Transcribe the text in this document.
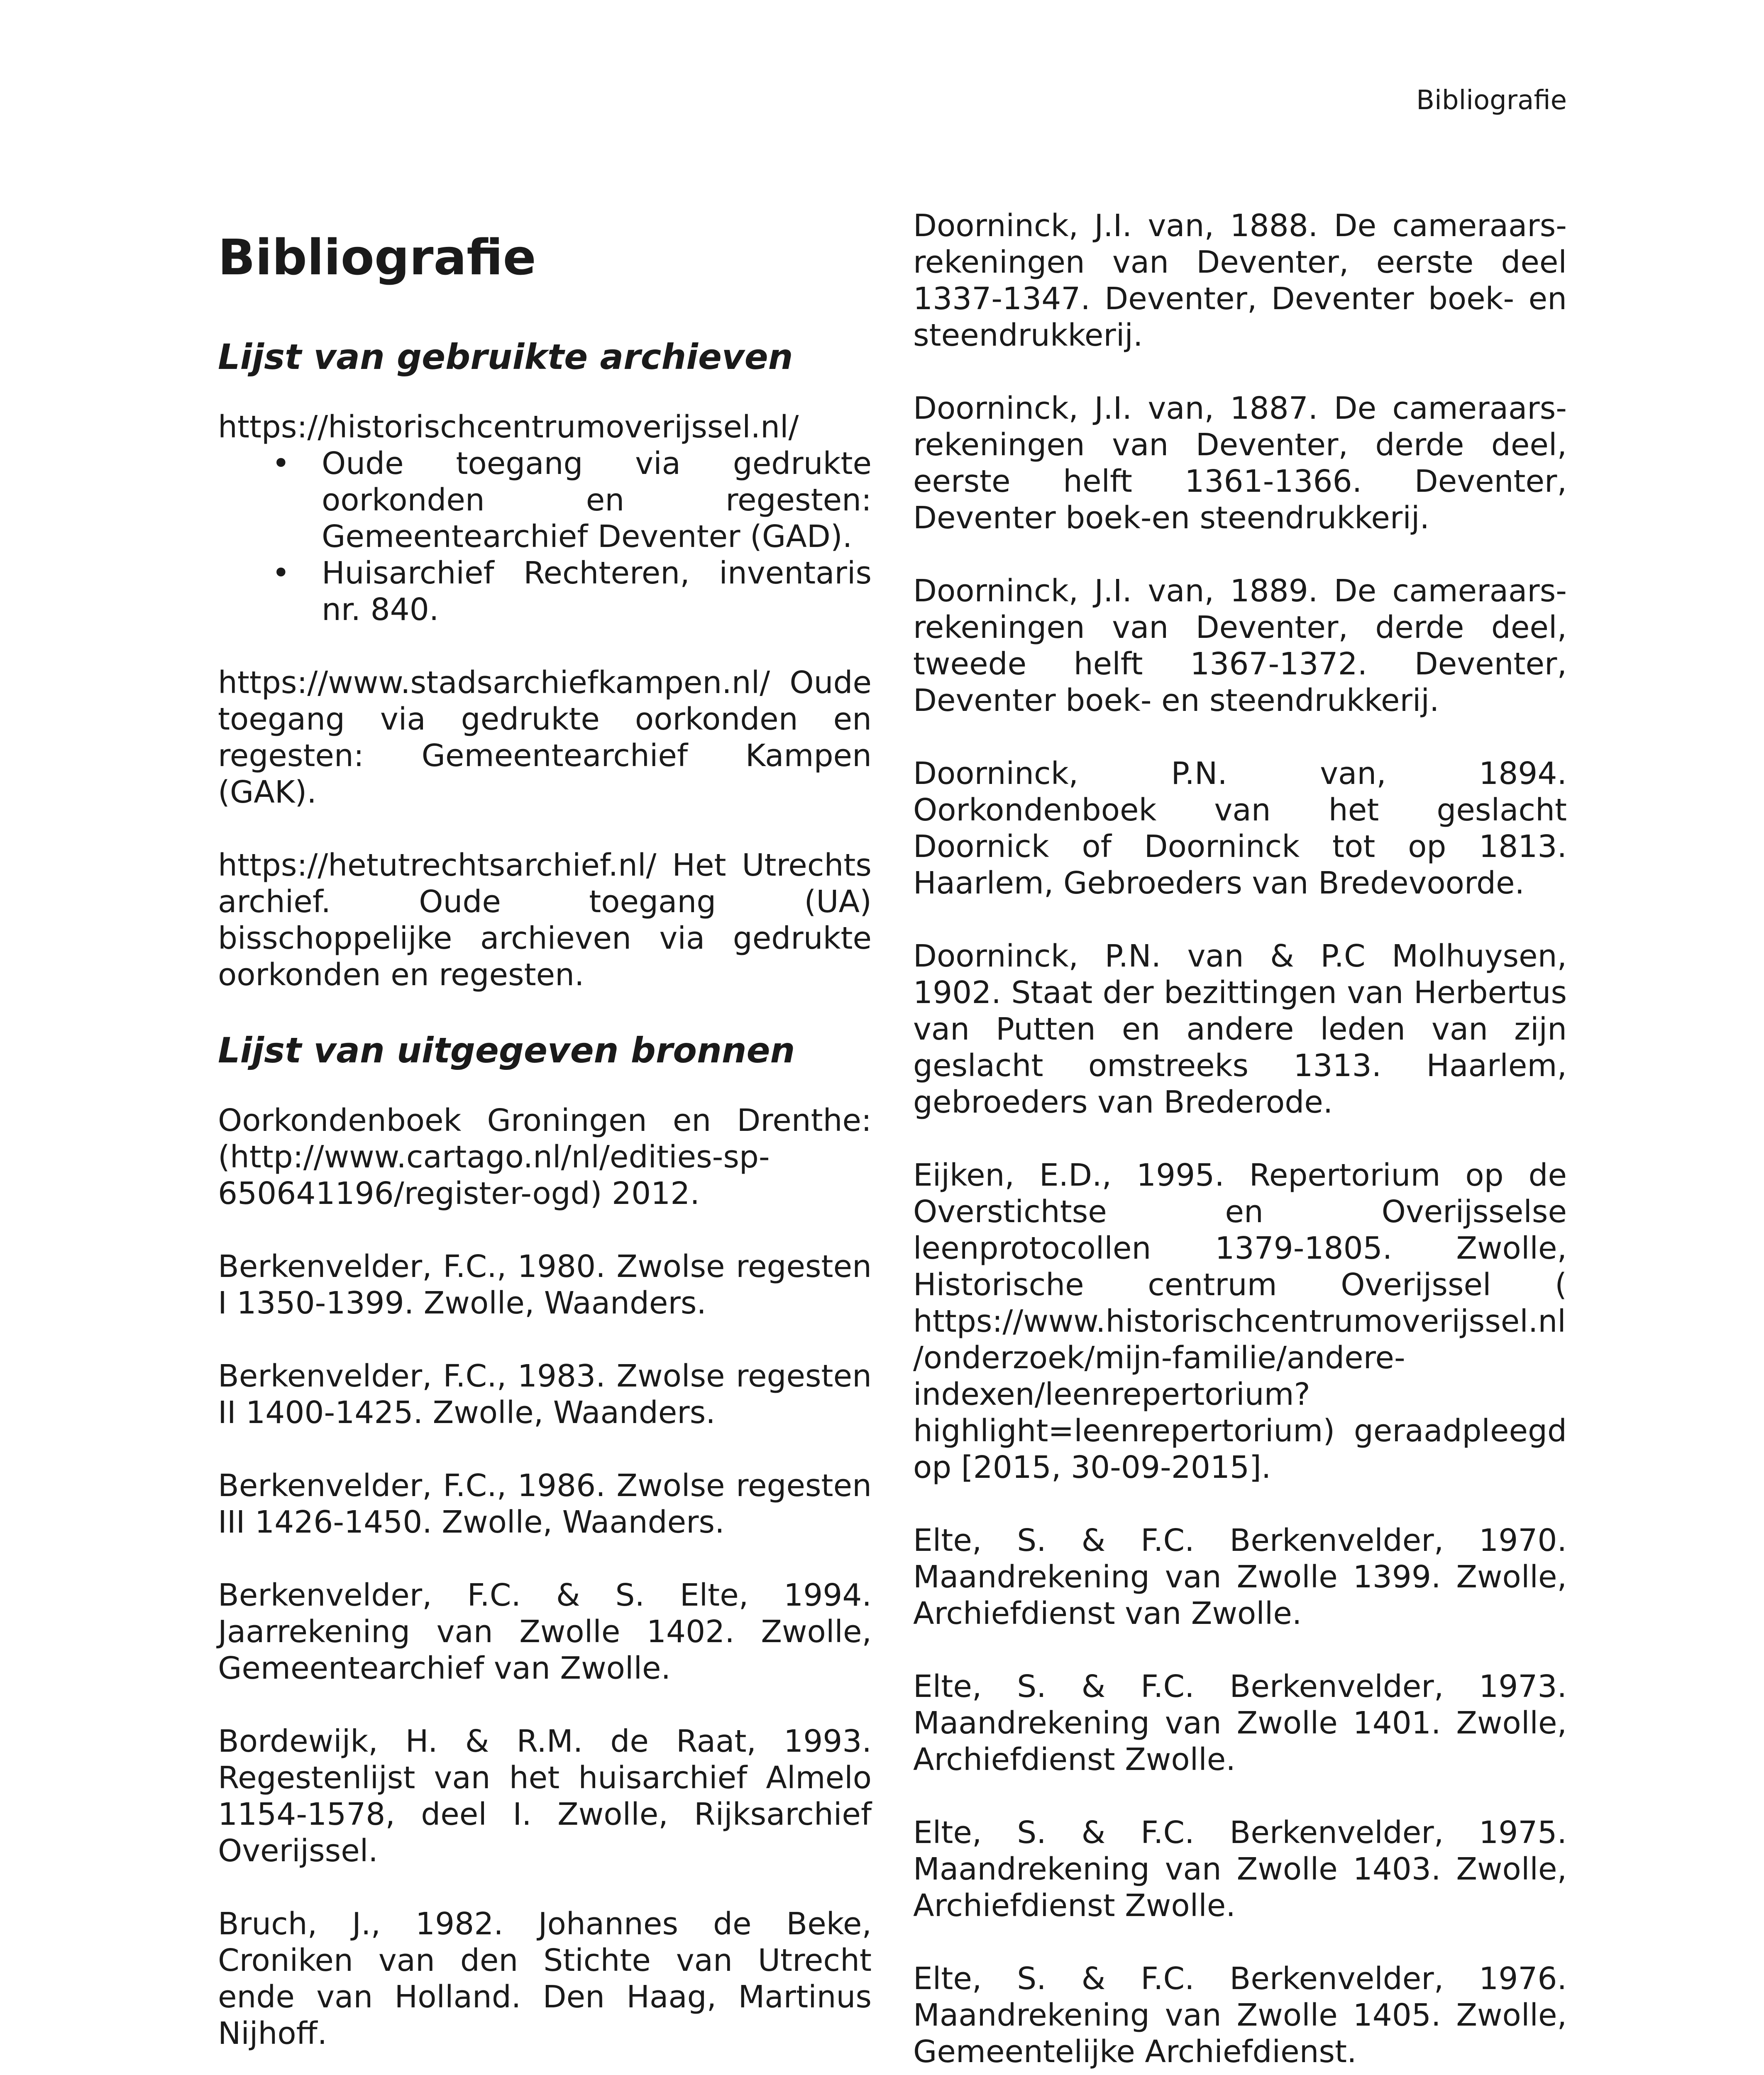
Bibliografie
Bibliografie
Lijst van gebruikte archieven

https://historischcentrumoverijssel.nl/

• Oude toegang via gedrukte oorkonden en regesten: Gemeentearchief Deventer (GAD).
• Huisarchief Rechteren, inventaris nr. 840.

https://www.stadsarchiefkampen.nl/ Oude toegang via gedrukte oorkonden en regesten: Gemeentearchief Kampen (GAK).

https://hetutrechtsarchief.nl/ Het Utrechts archief. Oude toegang (UA) bisschoppelijke archieven via gedrukte oorkonden en regesten.

Lijst van uitgegeven bronnen

Oorkondenboek Groningen en Drenthe: (http://www.cartago.nl/nl/edities-sp-650641196/register-ogd) 2012.

Berkenvelder, F.C., 1980. Zwolse regesten I 1350-1399. Zwolle, Waanders.

Berkenvelder, F.C., 1983. Zwolse regesten II 1400-1425. Zwolle, Waanders.

Berkenvelder, F.C., 1986. Zwolse regesten III 1426-1450. Zwolle, Waanders.

Berkenvelder, F.C. & S. Elte, 1994. Jaarrekening van Zwolle 1402. Zwolle, Gemeentearchief van Zwolle.

Bordewijk, H. & R.M. de Raat, 1993. Regestenlijst van het huisarchief Almelo 1154-1578, deel I. Zwolle, Rijksarchief Overijssel.

Bruch, J., 1982. Johannes de Beke, Croniken van den Stichte van Utrecht ende van Holland. Den Haag, Martinus Nijhoff.

Doorninck, J.I. van, 1888. De cameraars-rekeningen van Deventer, eerste deel 1337-1347. Deventer, Deventer boek- en steendrukkerij.

Doorninck, J.I. van, 1887. De cameraars-rekeningen van Deventer, derde deel, eerste helft 1361-1366. Deventer, Deventer boek-en steendrukkerij.

Doorninck, J.I. van, 1889. De cameraars-rekeningen van Deventer, derde deel, tweede helft 1367-1372. Deventer, Deventer boek- en steendrukkerij.

Doorninck, P.N. van, 1894. Oorkondenboek van het geslacht Doornick of Doorninck tot op 1813. Haarlem, Gebroeders van Bredevoorde.

Doorninck, P.N. van & P.C Molhuysen, 1902. Staat der bezittingen van Herbertus van Putten en andere leden van zijn geslacht omstreeks 1313. Haarlem, gebroeders van Brederode.

Eijken, E.D., 1995. Repertorium op de Overstichtse en Overijsselse leenprotocollen 1379-1805. Zwolle, Historische centrum Overijssel ( https://www.historischcentrumoverijssel.nl/onderzoek/mijn-familie/andere-indexen/leenrepertorium?highlight=leenrepertorium) geraadpleegd op [2015, 30-09-2015].

Elte, S. & F.C. Berkenvelder, 1970. Maandrekening van Zwolle 1399. Zwolle, Archiefdienst van Zwolle.

Elte, S. & F.C. Berkenvelder, 1973. Maandrekening van Zwolle 1401. Zwolle, Archiefdienst Zwolle.

Elte, S. & F.C. Berkenvelder, 1975. Maandrekening van Zwolle 1403. Zwolle, Archiefdienst Zwolle.

Elte, S. & F.C. Berkenvelder, 1976. Maandrekening van Zwolle 1405. Zwolle, Gemeentelijke Archiefdienst.
